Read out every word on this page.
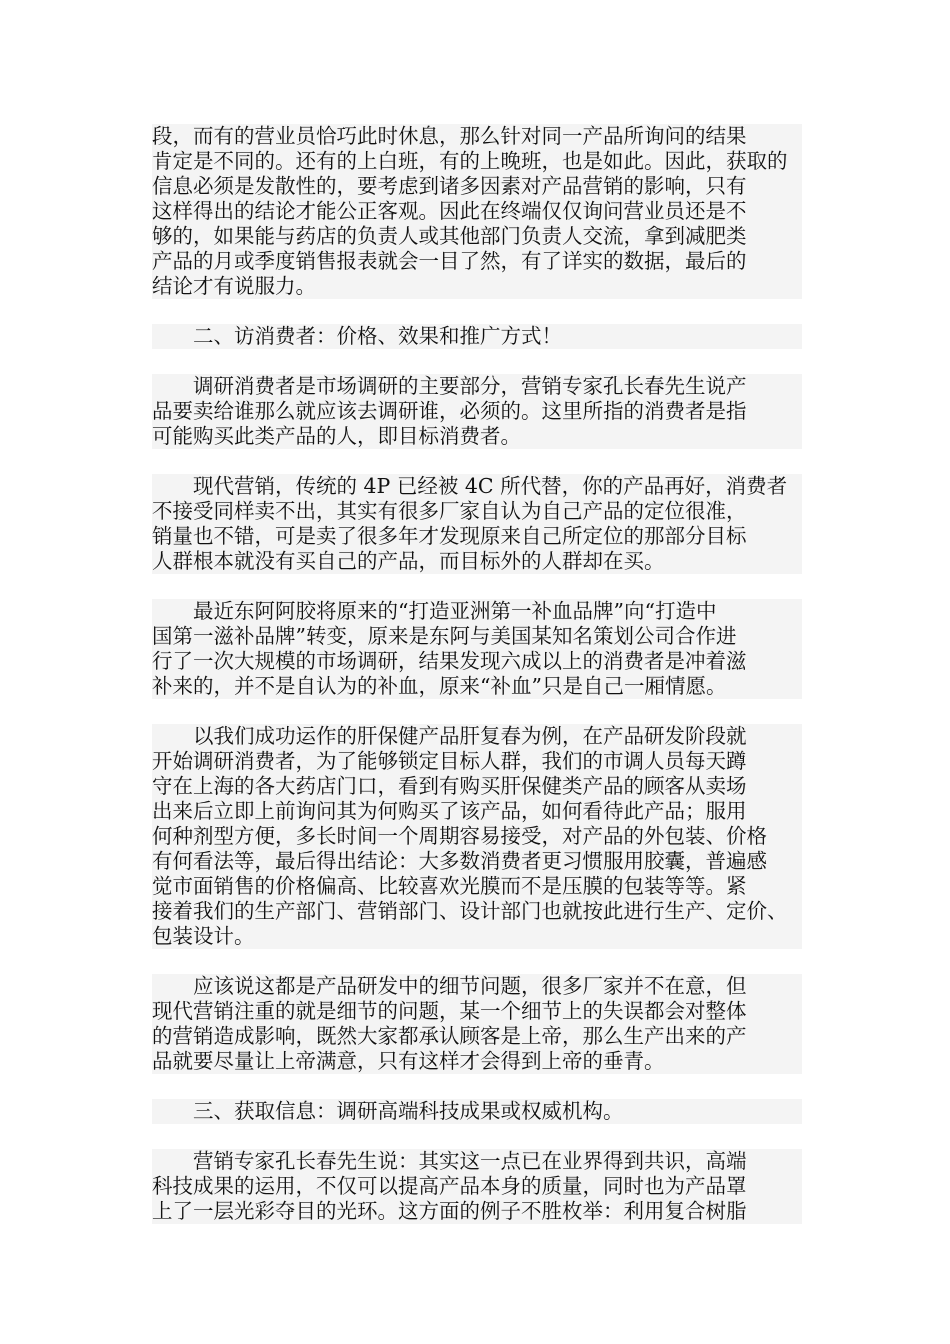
段，而有的营业员恰巧此时休息，那么针对同一产品所询问的结果
肯定是不同的。还有的上白班，有的上晚班，也是如此。因此，获取的
信息必须是发散性的，要考虑到诸多因素对产品营销的影响，只有
这样得出的结论才能公正客观。因此在终端仅仅询问营业员还是不
够的，如果能与药店的负责人或其他部门负责人交流，拿到减肥类
产品的月或季度销售报表就会一目了然，有了详实的数据，最后的
结论才有说服力。
　　二、访消费者：价格、效果和推广方式！
　　调研消费者是市场调研的主要部分，营销专家孔长春先生说产
品要卖给谁那么就应该去调研谁，必须的。这里所指的消费者是指
可能购买此类产品的人，即目标消费者。
　　现代营销，传统的 4P 已经被 4C 所代替，你的产品再好，消费者
不接受同样卖不出，其实有很多厂家自认为自己产品的定位很准，
销量也不错，可是卖了很多年才发现原来自己所定位的那部分目标
人群根本就没有买自己的产品，而目标外的人群却在买。
　　最近东阿阿胶将原来的“打造亚洲第一补血品牌”向“打造中
国第一滋补品牌”转变，原来是东阿与美国某知名策划公司合作进
行了一次大规模的市场调研，结果发现六成以上的消费者是冲着滋
补来的，并不是自认为的补血，原来“补血”只是自己一厢情愿。
　　以我们成功运作的肝保健产品肝复春为例，在产品研发阶段就
开始调研消费者，为了能够锁定目标人群，我们的市调人员每天蹲
守在上海的各大药店门口，看到有购买肝保健类产品的顾客从卖场
出来后立即上前询问其为何购买了该产品，如何看待此产品；服用
何种剂型方便，多长时间一个周期容易接受，对产品的外包装、价格
有何看法等，最后得出结论：大多数消费者更习惯服用胶囊，普遍感
觉市面销售的价格偏高、比较喜欢光膜而不是压膜的包装等等。紧
接着我们的生产部门、营销部门、设计部门也就按此进行生产、定价、
包装设计。
　　应该说这都是产品研发中的细节问题，很多厂家并不在意，但
现代营销注重的就是细节的问题，某一个细节上的失误都会对整体
的营销造成影响，既然大家都承认顾客是上帝，那么生产出来的产
品就要尽量让上帝满意，只有这样才会得到上帝的垂青。
　　三、获取信息：调研高端科技成果或权威机构。
　　营销专家孔长春先生说：其实这一点已在业界得到共识，高端
科技成果的运用，不仅可以提高产品本身的质量，同时也为产品罩
上了一层光彩夺目的光环。这方面的例子不胜枚举：利用复合树脂
